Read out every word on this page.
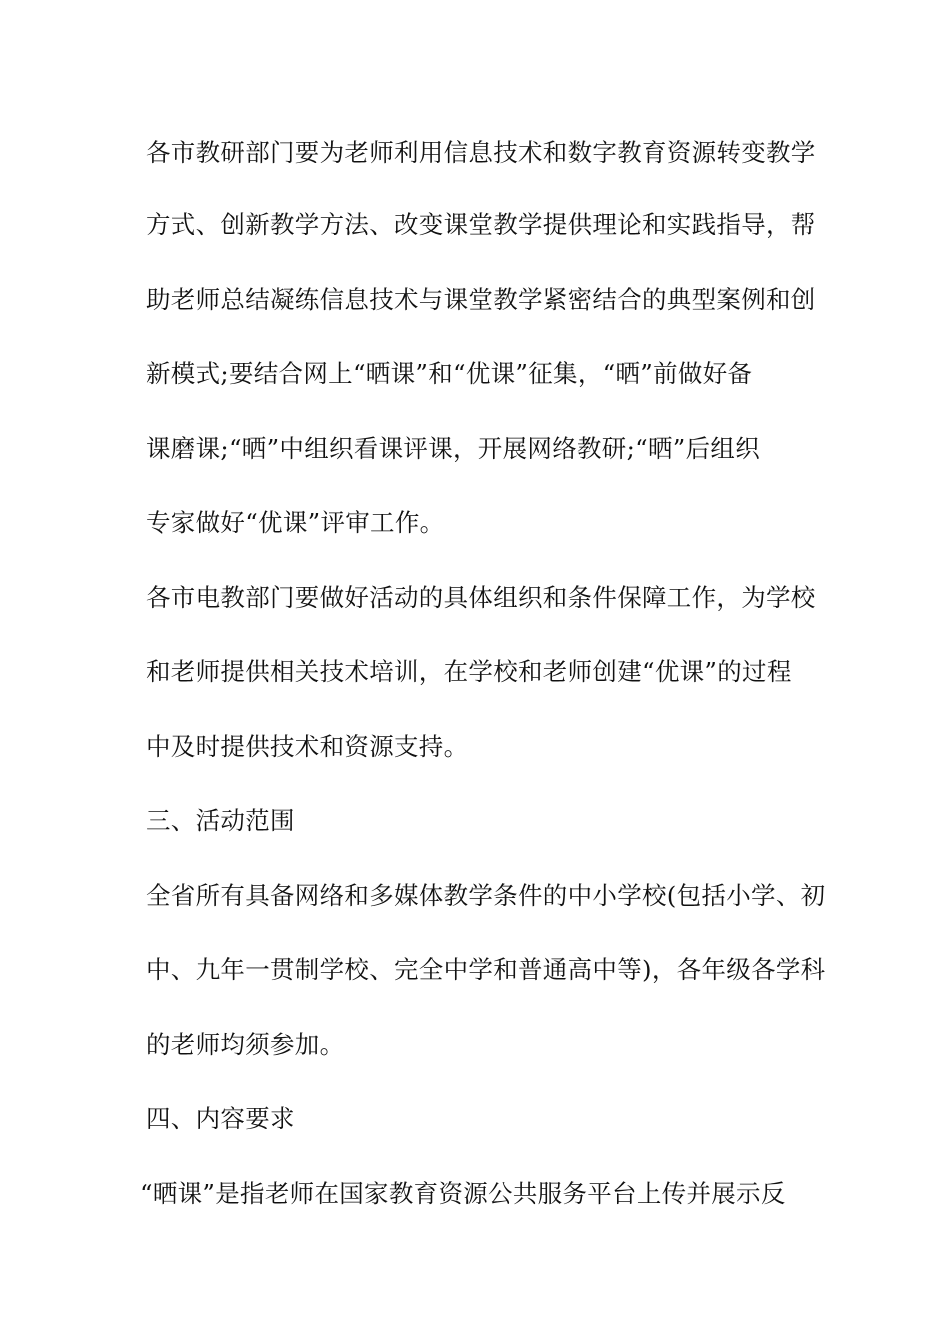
各市教研部门要为老师利用信息技术和数字教育资源转变教学
方式、创新教学方法、改变课堂教学提供理论和实践指导，帮
助老师总结凝练信息技术与课堂教学紧密结合的典型案例和创
新模式;要结合网上“晒课”和“优课”征集，“晒”前做好备
课磨课;“晒”中组织看课评课，开展网络教研;“晒”后组织
专家做好“优课”评审工作。
各市电教部门要做好活动的具体组织和条件保障工作，为学校
和老师提供相关技术培训，在学校和老师创建“优课”的过程
中及时提供技术和资源支持。
三、活动范围
全省所有具备网络和多媒体教学条件的中小学校(包括小学、初
中、九年一贯制学校、完全中学和普通高中等)，各年级各学科
的老师均须参加。
四、内容要求
“晒课”是指老师在国家教育资源公共服务平台上传并展示反
